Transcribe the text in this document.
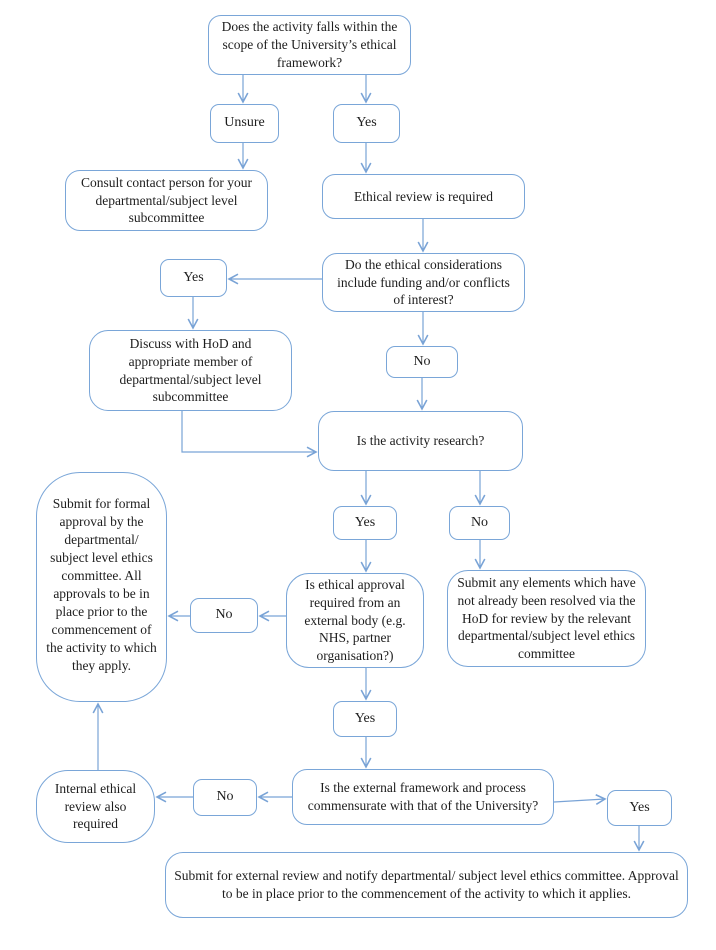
Does the activity falls within the scope of the University’s ethical framework?
Unsure	Yes
Consult contact person for your departmental/subject level subcommittee
Ethical review is required
Do the ethical considerations include funding and/or conflicts of interest?
Yes
Discuss with HoD and appropriate member of departmental/subject level subcommittee
No
Is the activity research?
Yes	No
Submit for formal approval by the departmental/ subject level ethics committee. All approvals to be in place prior to the commencement of the activity to which they apply.
Is ethical approval required from an external body (e.g. NHS, partner organisation?)
No
Submit any elements which have not already been resolved via the HoD for review by the relevant departmental/subject level ethics committee
Yes
Is the external framework and process commensurate with that of the University?
Internal ethical review also required
No
Yes
Submit for external review and notify departmental/ subject level ethics committee. Approval to be in place prior to the commencement of the activity to which it applies.
